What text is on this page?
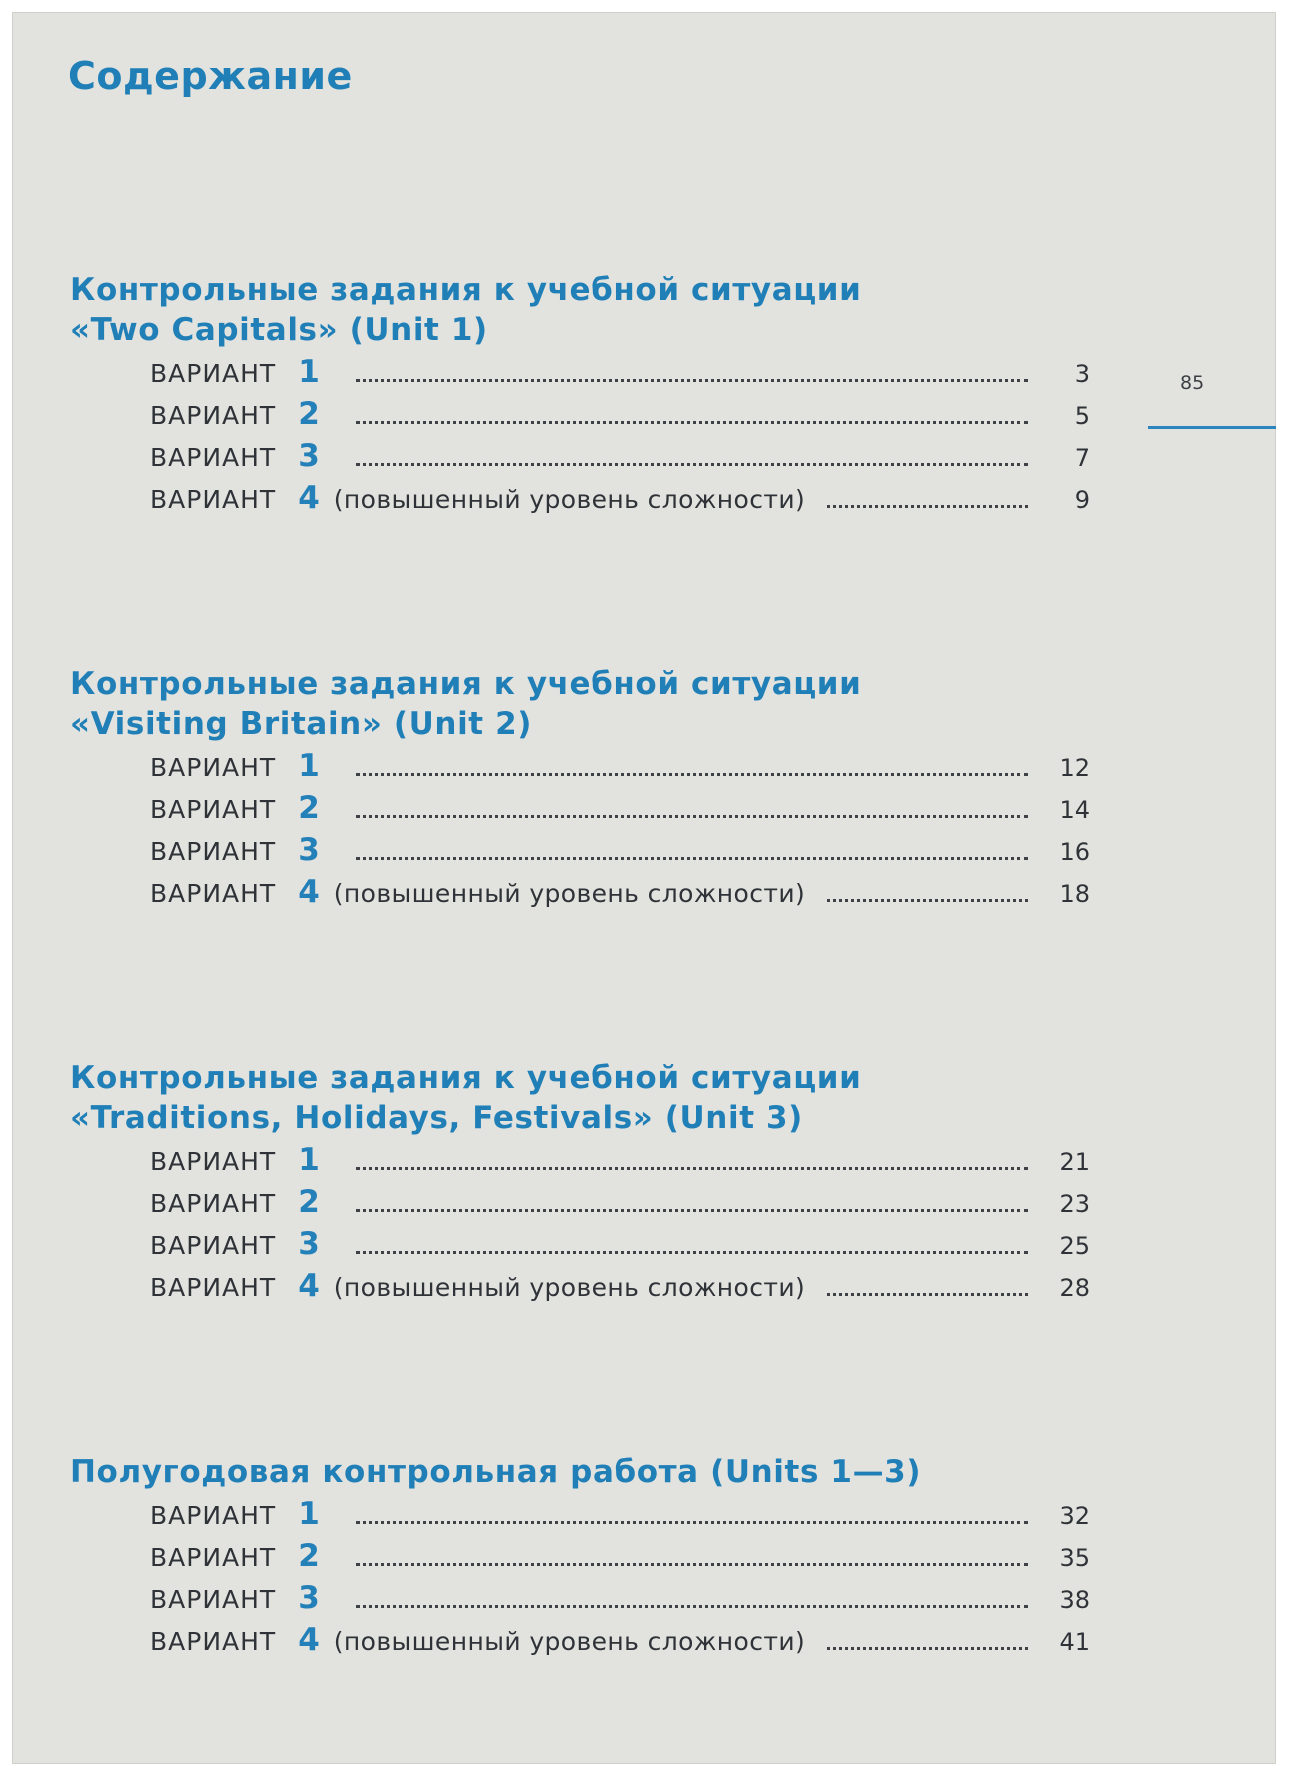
Содержание
85
Контрольные задания к учебной ситуации
«Two Capitals» (Unit 1)
ВАРИАНТ 1	3
ВАРИАНТ 2	5
ВАРИАНТ 3	7
ВАРИАНТ 4 (повышенный уровень сложности)	9
Контрольные задания к учебной ситуации
«Visiting Britain» (Unit 2)
ВАРИАНТ 1	12
ВАРИАНТ 2	14
ВАРИАНТ 3	16
ВАРИАНТ 4 (повышенный уровень сложности)	18
Контрольные задания к учебной ситуации
«Traditions, Holidays, Festivals» (Unit 3)
ВАРИАНТ 1	21
ВАРИАНТ 2	23
ВАРИАНТ 3	25
ВАРИАНТ 4 (повышенный уровень сложности)	28
Полугодовая контрольная работа (Units 1—3)
ВАРИАНТ 1	32
ВАРИАНТ 2	35
ВАРИАНТ 3	38
ВАРИАНТ 4 (повышенный уровень сложности)	41
